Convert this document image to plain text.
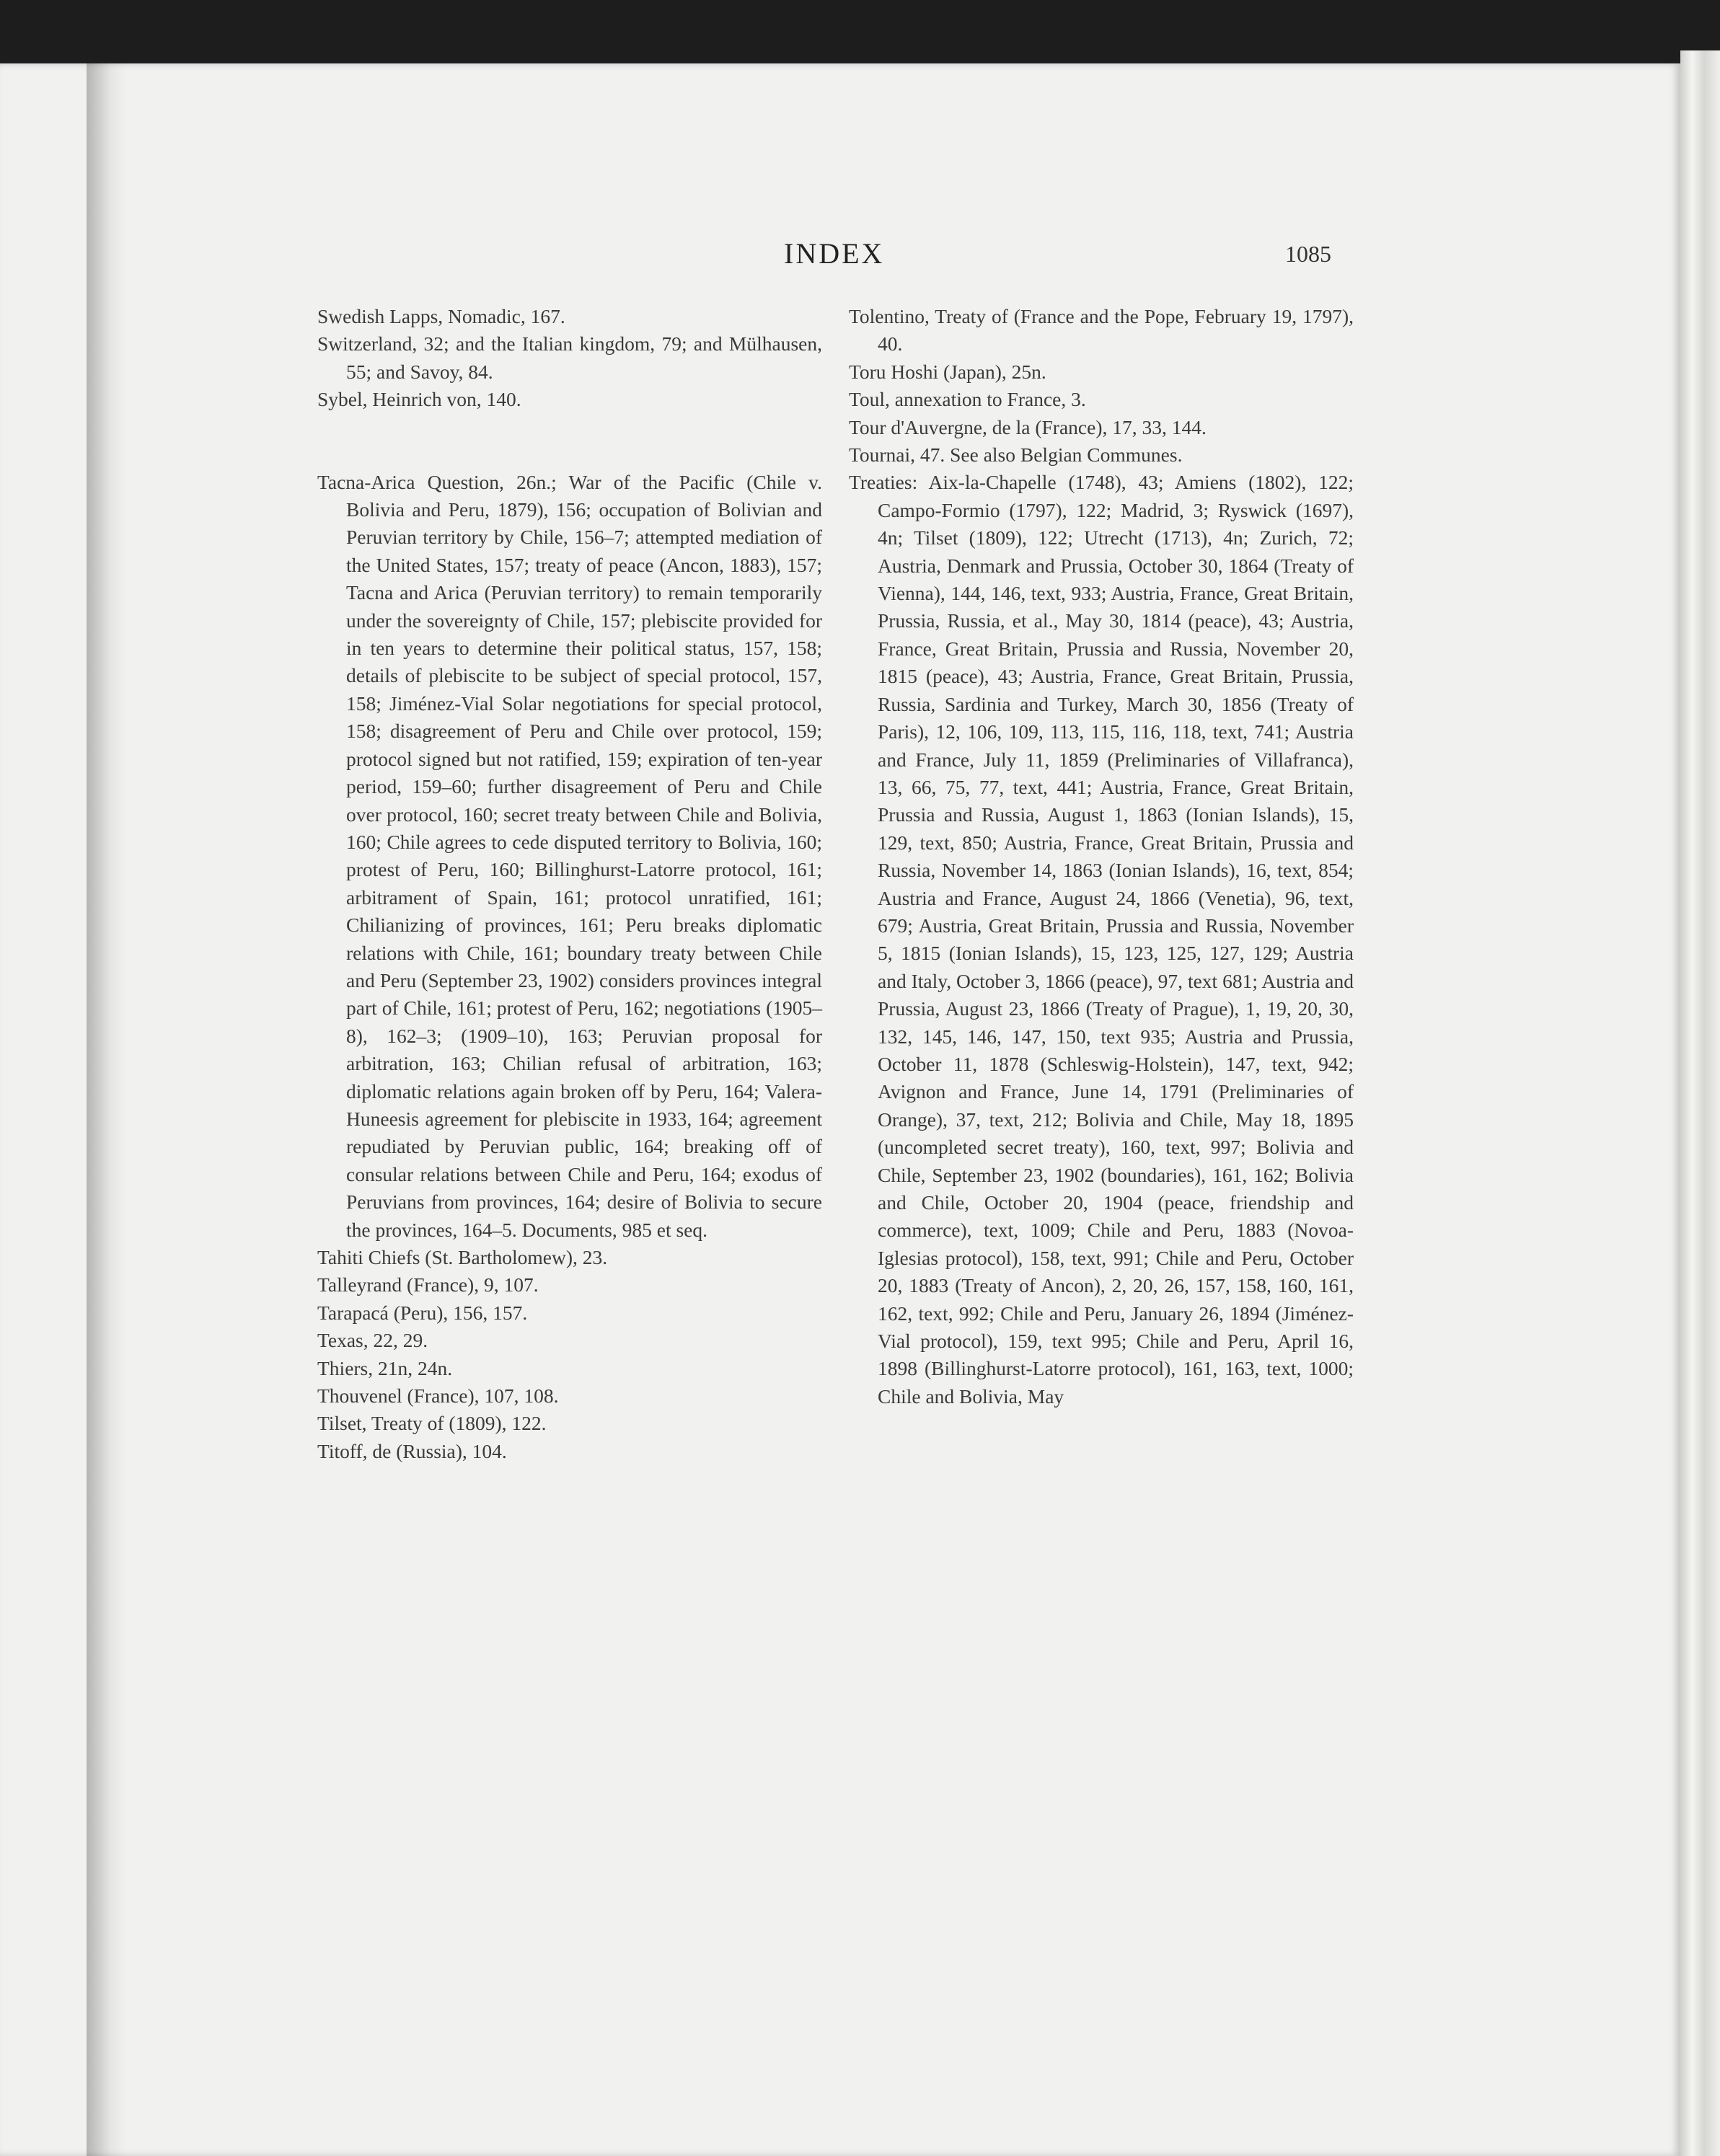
INDEX	1085

Swedish Lapps, Nomadic, 167.

Switzerland, 32; and the Italian kingdom, 79; and Mülhausen, 55; and Savoy, 84.

Sybel, Heinrich von, 140.

Tacna-Arica Question, 26n.; War of the Pacific (Chile v. Bolivia and Peru, 1879), 156; occupation of Bolivian and Peruvian territory by Chile, 156–7; attempted mediation of the United States, 157; treaty of peace (Ancon, 1883), 157; Tacna and Arica (Peruvian territory) to remain temporarily under the sovereignty of Chile, 157; plebiscite provided for in ten years to determine their political status, 157, 158; details of plebiscite to be subject of special protocol, 157, 158; Jiménez-Vial Solar negotiations for special protocol, 158; disagreement of Peru and Chile over protocol, 159; protocol signed but not ratified, 159; expiration of ten-year period, 159–60; further disagreement of Peru and Chile over protocol, 160; secret treaty between Chile and Bolivia, 160; Chile agrees to cede disputed territory to Bolivia, 160; protest of Peru, 160; Billinghurst-Latorre protocol, 161; arbitrament of Spain, 161; protocol unratified, 161; Chilianizing of provinces, 161; Peru breaks diplomatic relations with Chile, 161; boundary treaty between Chile and Peru (September 23, 1902) considers provinces integral part of Chile, 161; protest of Peru, 162; negotiations (1905–8), 162–3; (1909–10), 163; Peruvian proposal for arbitration, 163; Chilian refusal of arbitration, 163; diplomatic relations again broken off by Peru, 164; Valera-Huneesis agreement for plebiscite in 1933, 164; agreement repudiated by Peruvian public, 164; breaking off of consular relations between Chile and Peru, 164; exodus of Peruvians from provinces, 164; desire of Bolivia to secure the provinces, 164–5. Documents, 985 et seq.

Tahiti Chiefs (St. Bartholomew), 23.

Talleyrand (France), 9, 107.

Tarapacá (Peru), 156, 157.

Texas, 22, 29.

Thiers, 21n, 24n.

Thouvenel (France), 107, 108.

Tilset, Treaty of (1809), 122.

Titoff, de (Russia), 104.

Tolentino, Treaty of (France and the Pope, February 19, 1797), 40.

Toru Hoshi (Japan), 25n.

Toul, annexation to France, 3.

Tour d'Auvergne, de la (France), 17, 33, 144.

Tournai, 47. See also Belgian Communes.

Treaties: Aix-la-Chapelle (1748), 43; Amiens (1802), 122; Campo-Formio (1797), 122; Madrid, 3; Ryswick (1697), 4n; Tilset (1809), 122; Utrecht (1713), 4n; Zurich, 72; Austria, Denmark and Prussia, October 30, 1864 (Treaty of Vienna), 144, 146, text, 933; Austria, France, Great Britain, Prussia, Russia, et al., May 30, 1814 (peace), 43; Austria, France, Great Britain, Prussia and Russia, November 20, 1815 (peace), 43; Austria, France, Great Britain, Prussia, Russia, Sardinia and Turkey, March 30, 1856 (Treaty of Paris), 12, 106, 109, 113, 115, 116, 118, text, 741; Austria and France, July 11, 1859 (Preliminaries of Villafranca), 13, 66, 75, 77, text, 441; Austria, France, Great Britain, Prussia and Russia, August 1, 1863 (Ionian Islands), 15, 129, text, 850; Austria, France, Great Britain, Prussia and Russia, November 14, 1863 (Ionian Islands), 16, text, 854; Austria and France, August 24, 1866 (Venetia), 96, text, 679; Austria, Great Britain, Prussia and Russia, November 5, 1815 (Ionian Islands), 15, 123, 125, 127, 129; Austria and Italy, October 3, 1866 (peace), 97, text 681; Austria and Prussia, August 23, 1866 (Treaty of Prague), 1, 19, 20, 30, 132, 145, 146, 147, 150, text 935; Austria and Prussia, October 11, 1878 (Schleswig-Holstein), 147, text, 942; Avignon and France, June 14, 1791 (Preliminaries of Orange), 37, text, 212; Bolivia and Chile, May 18, 1895 (uncompleted secret treaty), 160, text, 997; Bolivia and Chile, September 23, 1902 (boundaries), 161, 162; Bolivia and Chile, October 20, 1904 (peace, friendship and commerce), text, 1009; Chile and Peru, 1883 (Novoa-Iglesias protocol), 158, text, 991; Chile and Peru, October 20, 1883 (Treaty of Ancon), 2, 20, 26, 157, 158, 160, 161, 162, text, 992; Chile and Peru, January 26, 1894 (Jiménez-Vial protocol), 159, text 995; Chile and Peru, April 16, 1898 (Billinghurst-Latorre protocol), 161, 163, text, 1000; Chile and Bolivia, May
